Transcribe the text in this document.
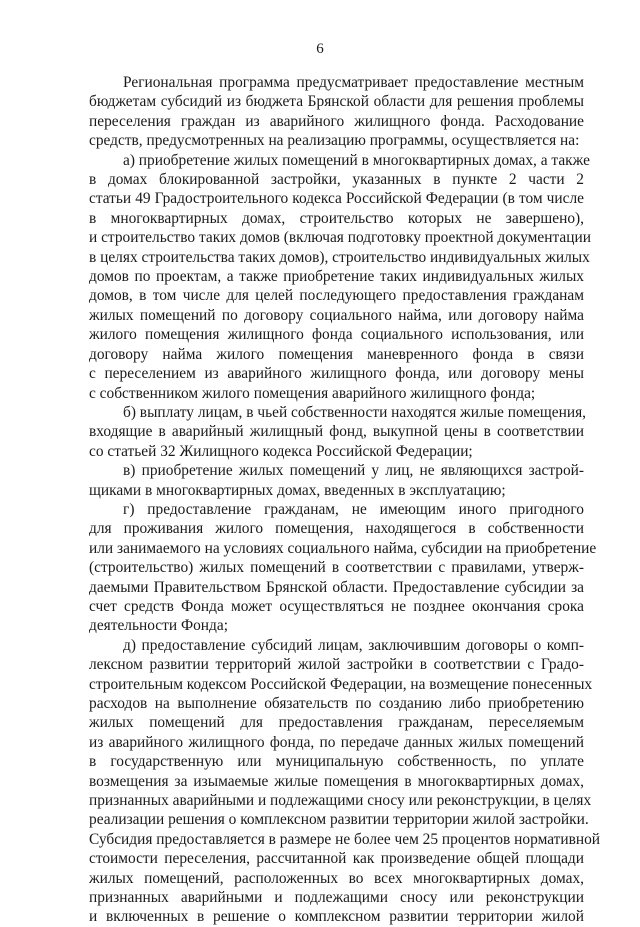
6
Региональная программа предусматривает предоставление местным
бюджетам субсидий из бюджета Брянской области для решения проблемы
переселения граждан из аварийного жилищного фонда. Расходование
средств, предусмотренных на реализацию программы, осуществляется на:
а) приобретение жилых помещений в многоквартирных домах, а также
в домах блокированной застройки, указанных в пункте 2 части 2
статьи 49 Градостроительного кодекса Российской Федерации (в том числе
в многоквартирных домах, строительство которых не завершено),
и строительство таких домов (включая подготовку проектной документации
в целях строительства таких домов), строительство индивидуальных жилых
домов по проектам, а также приобретение таких индивидуальных жилых
домов, в том числе для целей последующего предоставления гражданам
жилых помещений по договору социального найма, или договору найма
жилого помещения жилищного фонда социального использования, или
договору найма жилого помещения маневренного фонда в связи
с переселением из аварийного жилищного фонда, или договору мены
с собственником жилого помещения аварийного жилищного фонда;
б) выплату лицам, в чьей собственности находятся жилые помещения,
входящие в аварийный жилищный фонд, выкупной цены в соответствии
со статьей 32 Жилищного кодекса Российской Федерации;
в) приобретение жилых помещений у лиц, не являющихся застрой-
щиками в многоквартирных домах, введенных в эксплуатацию;
г) предоставление гражданам, не имеющим иного пригодного
для проживания жилого помещения, находящегося в собственности
или занимаемого на условиях социального найма, субсидии на приобретение
(строительство) жилых помещений в соответствии с правилами, утверж-
даемыми Правительством Брянской области. Предоставление субсидии за
счет средств Фонда может осуществляться не позднее окончания срока
деятельности Фонда;
д) предоставление субсидий лицам, заключившим договоры о комп-
лексном развитии территорий жилой застройки в соответствии с Градо-
строительным кодексом Российской Федерации, на возмещение понесенных
расходов на выполнение обязательств по созданию либо приобретению
жилых помещений для предоставления гражданам, переселяемым
из аварийного жилищного фонда, по передаче данных жилых помещений
в государственную или муниципальную собственность, по уплате
возмещения за изымаемые жилые помещения в многоквартирных домах,
признанных аварийными и подлежащими сносу или реконструкции, в целях
реализации решения о комплексном развитии территории жилой застройки.
Субсидия предоставляется в размере не более чем 25 процентов нормативной
стоимости переселения, рассчитанной как произведение общей площади
жилых помещений, расположенных во всех многоквартирных домах,
признанных аварийными и подлежащими сносу или реконструкции
и включенных в решение о комплексном развитии территории жилой
